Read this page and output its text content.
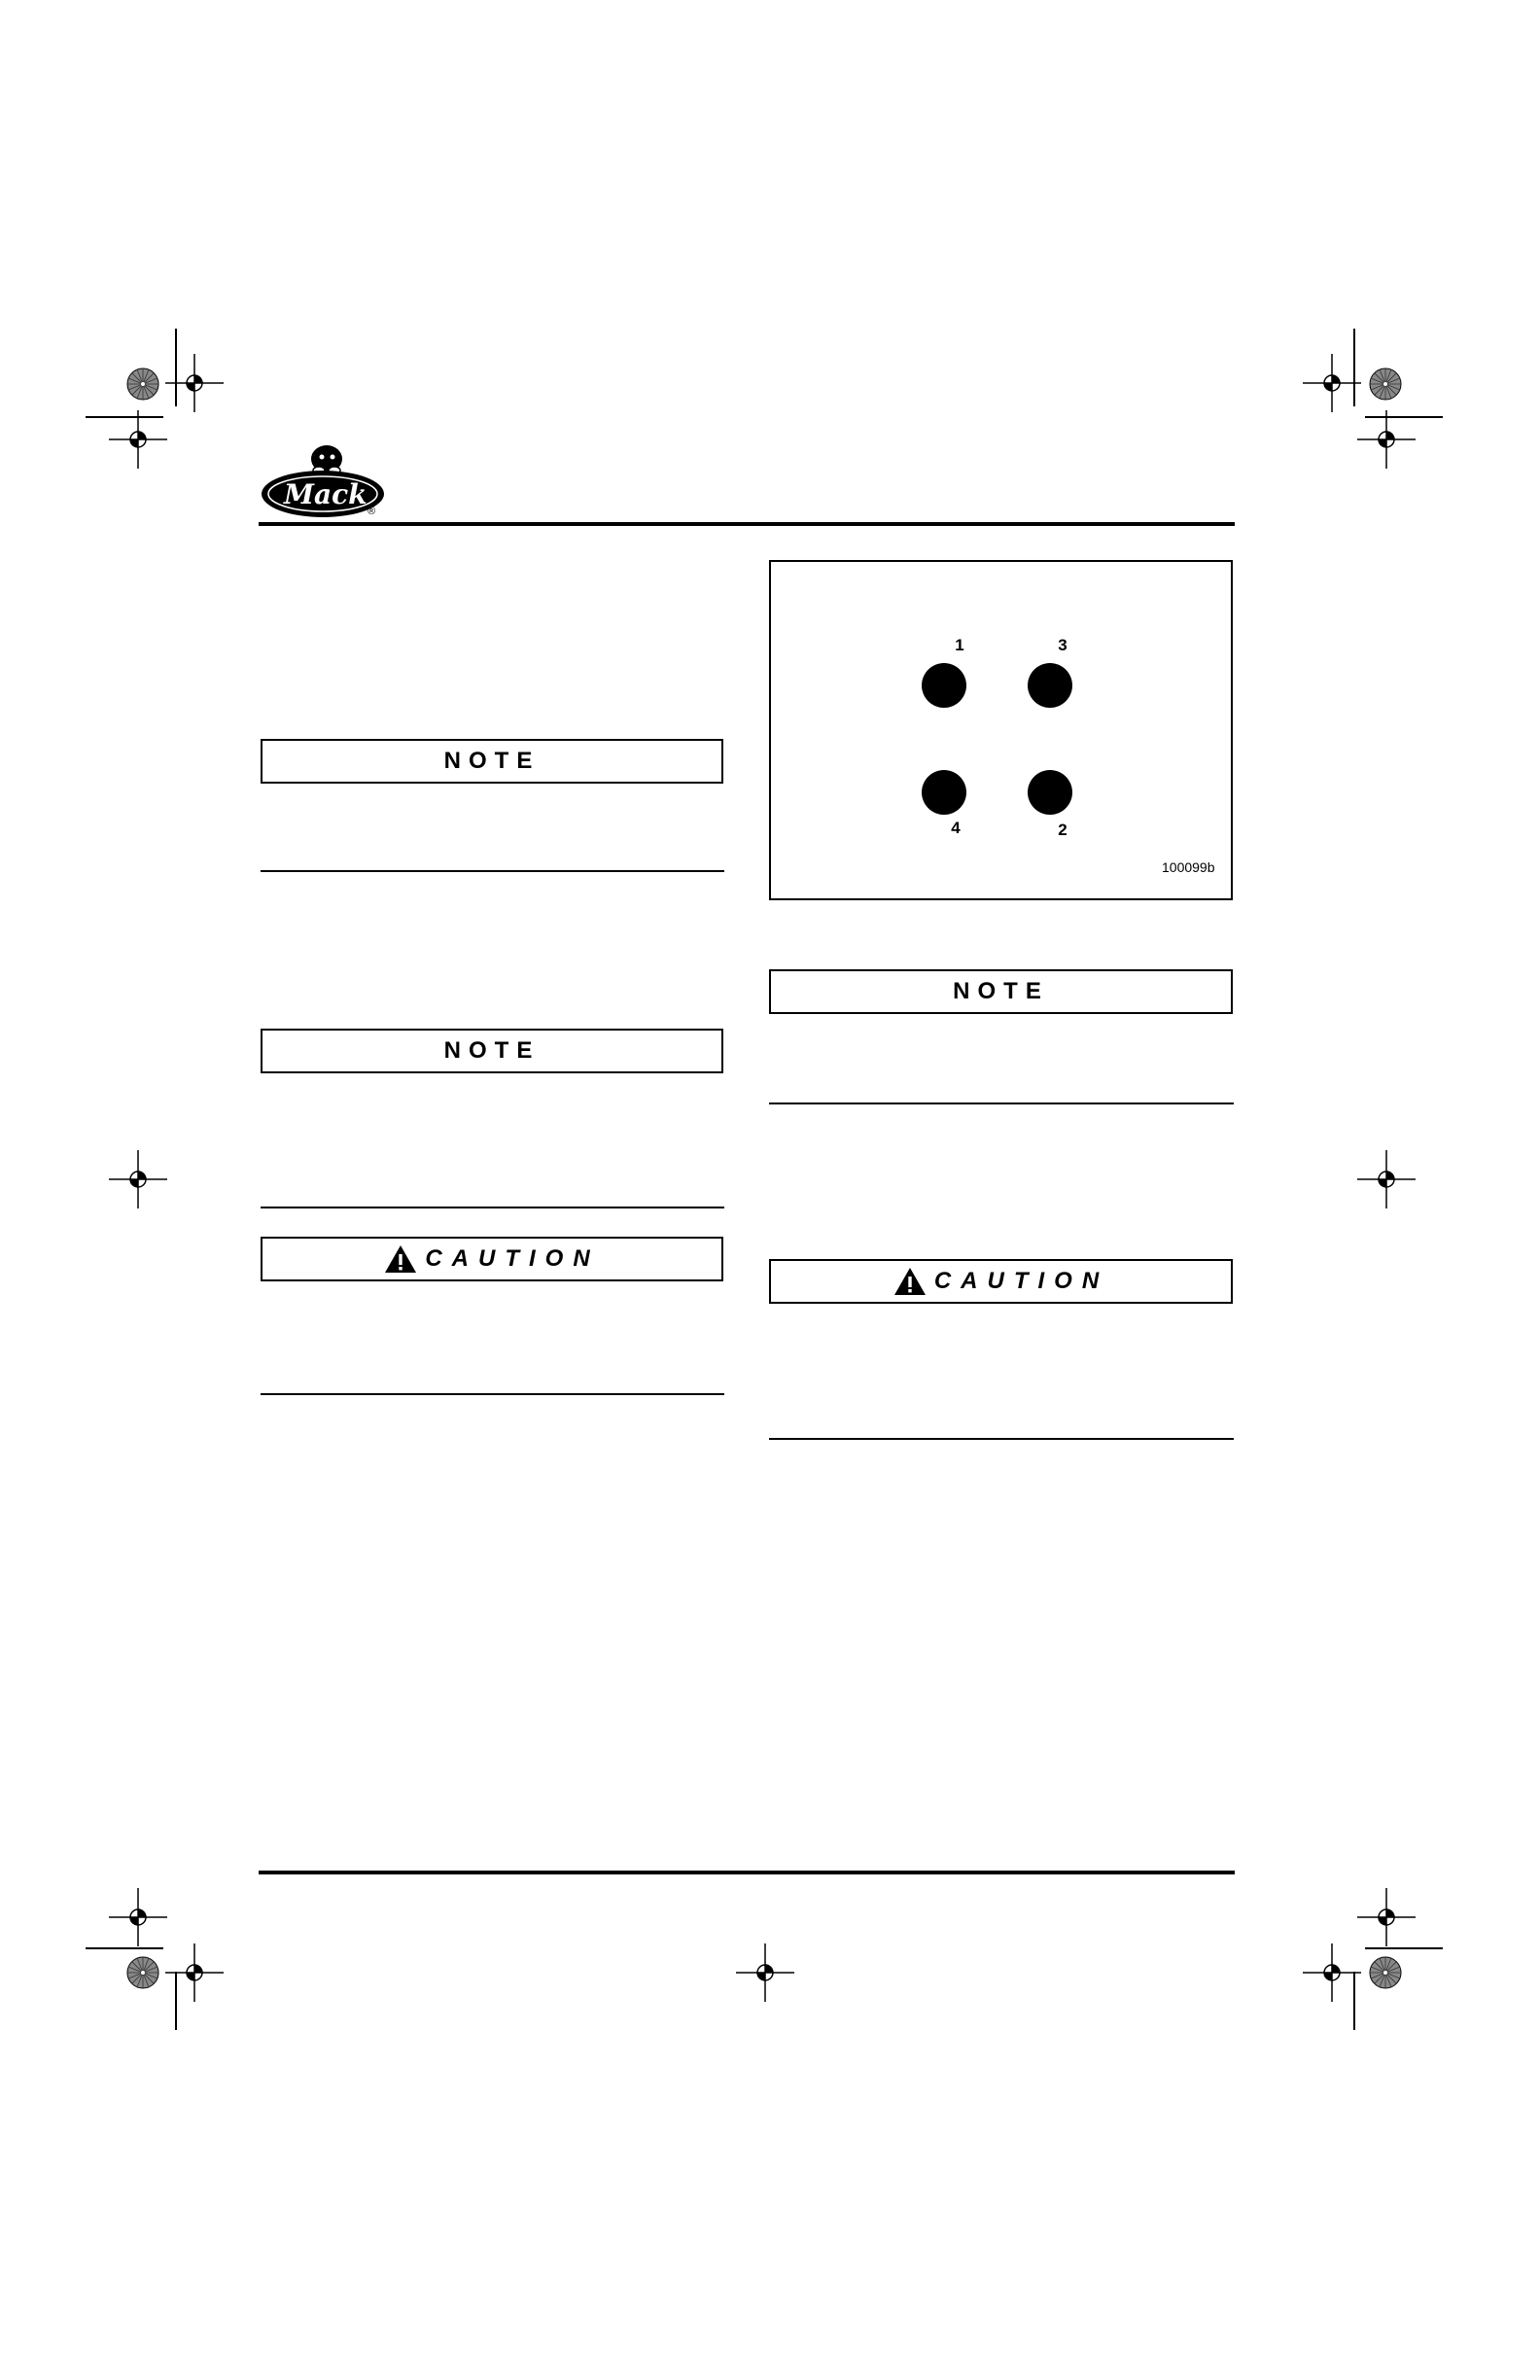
Mack
®
NOTE
NOTE
CAUTION
1	3
4	2
100099b
NOTE
CAUTION
